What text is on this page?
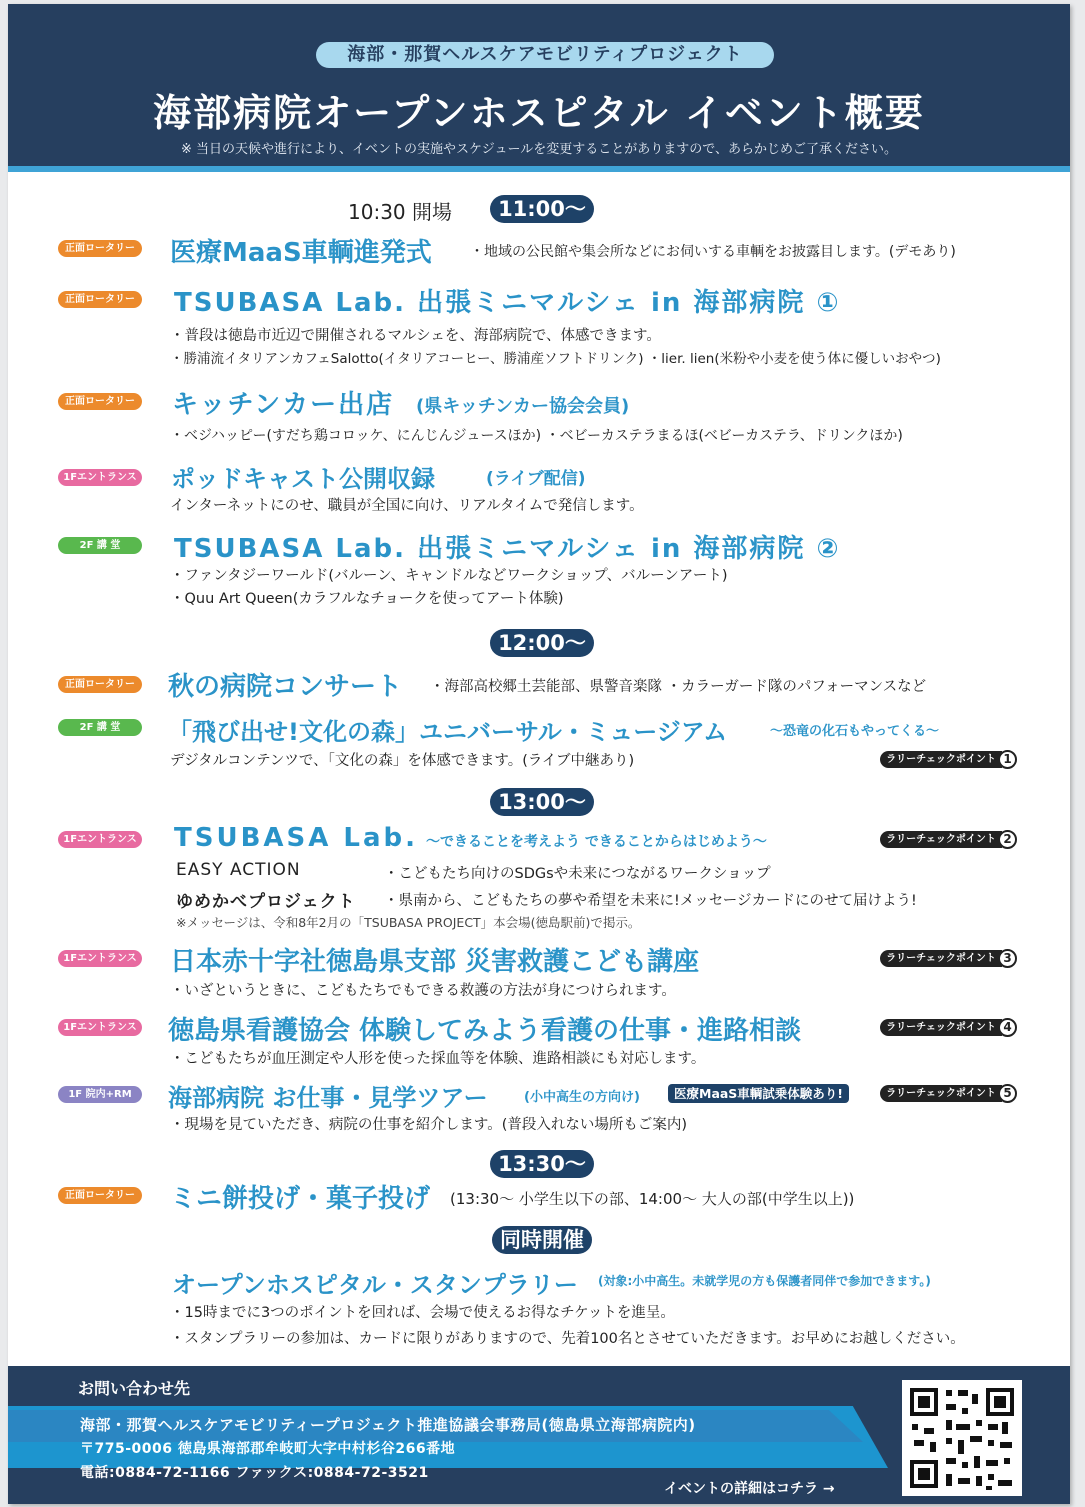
海部・那賀ヘルスケアモビリティプロジェクト
海部病院オープンホスピタル イベント概要
※ 当日の天候や進行により、イベントの実施やスケジュールを変更することがありますので、あらかじめご了承ください。
10:30 開場	11:00〜
正面ロータリー 医療MaaS車輌進発式	・地域の公民館や集会所などにお伺いする車輌をお披露目します。(デモあり)
正面ロータリー TSUBASA Lab. 出張ミニマルシェ in 海部病院 ①
・普段は徳島市近辺で開催されるマルシェを、海部病院で、体感できます。
・勝浦流イタリアンカフェSalotto(イタリアコーヒー、勝浦産ソフトドリンク) ・lier. lien(米粉や小麦を使う体に優しいおやつ)
正面ロータリー キッチンカー出店 (県キッチンカー協会会員)
・ベジハッピー(すだち鶏コロッケ、にんじんジュースほか) ・ベビーカステラまるほ(ベビーカステラ、ドリンクほか)
1Fエントランス ポッドキャスト公開収録	(ライブ配信)
インターネットにのせ、職員が全国に向け、リアルタイムで発信します。
2F 講 堂	TSUBASA Lab. 出張ミニマルシェ in 海部病院 ②
・ファンタジーワールド(バルーン、キャンドルなどワークショップ、バルーンアート)
・Quu Art Queen(カラフルなチョークを使ってアート体験)
12:00〜
正面ロータリー 秋の病院コンサート ・海部高校郷土芸能部、県警音楽隊 ・カラーガード隊のパフォーマンスなど
2F 講 堂	「飛び出せ!文化の森」ユニバーサル・ミュージアム	〜恐竜の化石もやってくる〜
デジタルコンテンツで、「文化の森」を体感できます。(ライブ中継あり)	ラリーチェックポイント 1
13:00〜
1Fエントランス TSUBASA Lab. 〜できることを考えよう できることからはじめよう〜	ラリーチェックポイント 2
EASY ACTION	・こどもたち向けのSDGsや未来につながるワークショップ
ゆめかべプロジェクト ・県南から、こどもたちの夢や希望を未来に!メッセージカードにのせて届けよう!
※メッセージは、令和8年2月の「TSUBASA PROJECT」本会場(徳島駅前)で掲示。
1Fエントランス 日本赤十字社徳島県支部 災害救護こども講座	ラリーチェックポイント 3
・いざというときに、こどもたちでもできる救護の方法が身につけられます。
1Fエントランス 徳島県看護協会 体験してみよう看護の仕事・進路相談	ラリーチェックポイント 4
・こどもたちが血圧測定や人形を使った採血等を体験、進路相談にも対応します。
1F 院内+RM	海部病院 お仕事・見学ツアー	(小中高生の方向け)	医療MaaS車輌試乗体験あり!	ラリーチェックポイント 5
・現場を見ていただき、病院の仕事を紹介します。(普段入れない場所もご案内)
13:30〜
正面ロータリー ミニ餅投げ・菓子投げ (13:30〜 小学生以下の部、14:00〜 大人の部(中学生以上))
同時開催
オープンホスピタル・スタンプラリー (対象:小中高生。未就学児の方も保護者同伴で参加できます。)
・15時までに3つのポイントを回れば、会場で使えるお得なチケットを進呈。
・スタンプラリーの参加は、カードに限りがありますので、先着100名とさせていただきます。お早めにお越しください。
お問い合わせ先
海部・那賀ヘルスケアモビリティープロジェクト推進協議会事務局(徳島県立海部病院内)
〒775-0006 徳島県海部郡牟岐町大字中村杉谷266番地
電話:0884-72-1166 ファックス:0884-72-3521
イベントの詳細はコチラ →
